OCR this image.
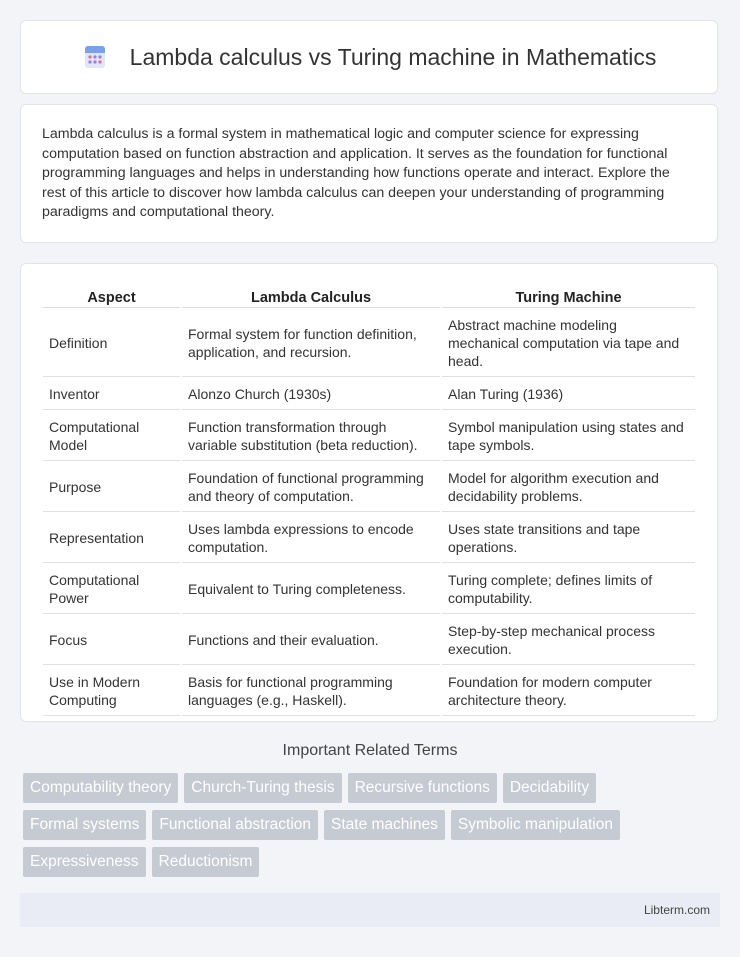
Lambda calculus vs Turing machine in Mathematics

Lambda calculus is a formal system in mathematical logic and computer science for expressing computation based on function abstraction and application. It serves as the foundation for functional programming languages and helps in understanding how functions operate and interact. Explore the rest of this article to discover how lambda calculus can deepen your understanding of programming paradigms and computational theory.

Aspect	Lambda Calculus	Turing Machine
Definition	Formal system for function definition, application, and recursion.	Abstract machine modeling mechanical computation via tape and head.
Inventor	Alonzo Church (1930s)	Alan Turing (1936)
Computational Model	Function transformation through variable substitution (beta reduction).	Symbol manipulation using states and tape symbols.
Purpose	Foundation of functional programming and theory of computation.	Model for algorithm execution and decidability problems.
Representation	Uses lambda expressions to encode computation.	Uses state transitions and tape operations.
Computational Power	Equivalent to Turing completeness.	Turing complete; defines limits of computability.
Focus	Functions and their evaluation.	Step-by-step mechanical process execution.
Use in Modern Computing	Basis for functional programming languages (e.g., Haskell).	Foundation for modern computer architecture theory.

Important Related Terms

Computability theory	Church-Turing thesis	Recursive functions	Decidability
Formal systems	Functional abstraction	State machines	Symbolic manipulation
Expressiveness	Reductionism
Libterm.com
